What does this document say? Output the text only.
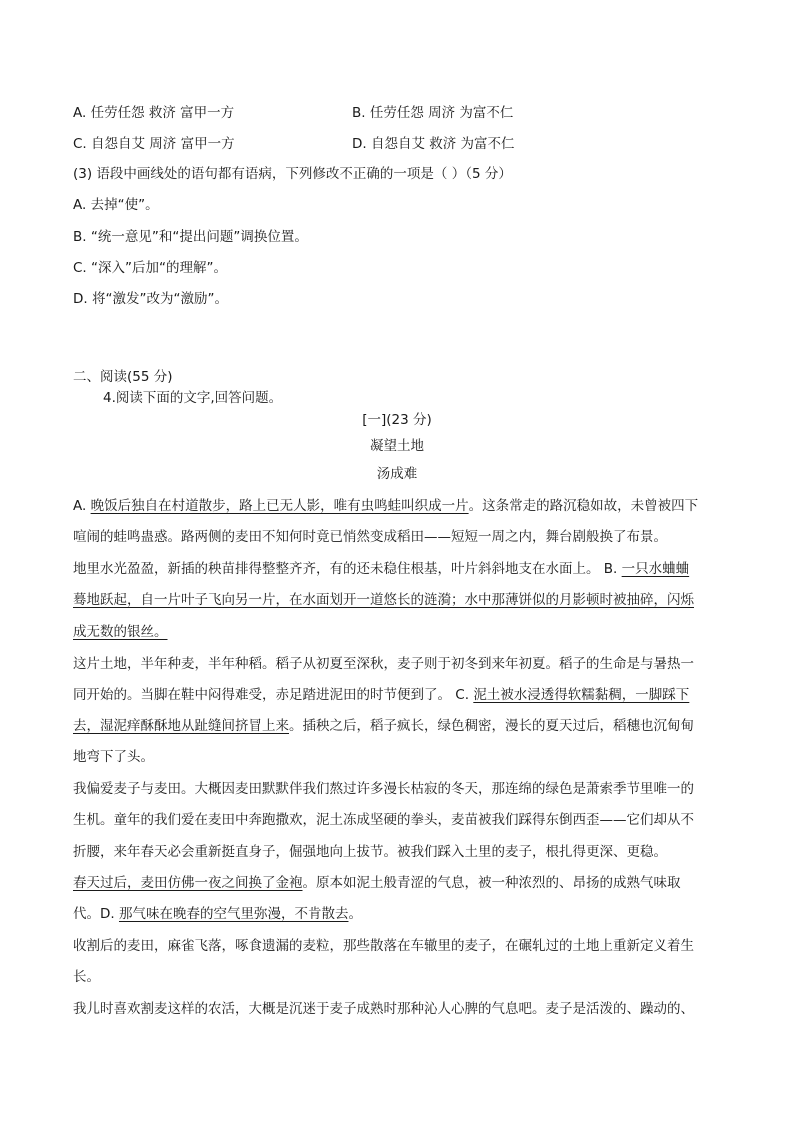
A. 任劳任怨 救济 富甲一方	B. 任劳任怨 周济 为富不仁
C. 自怨自艾 周济 富甲一方	D. 自怨自艾 救济 为富不仁
(3) 语段中画线处的语句都有语病，下列修改不正确的一项是（ ）（5 分）
A. 去掉“使”。
B. “统一意见”和“提出问题”调换位置。
C. “深入”后加“的理解”。
D. 将“激发”改为“激励”。
二、阅读(55 分)
4.阅读下面的文字,回答问题。
[一](23 分)
凝望土地
汤成难
A. 晚饭后独自在村道散步，路上已无人影，唯有虫鸣蛙叫织成一片。这条常走的路沉稳如故，未曾被四下
喧闹的蛙鸣蛊惑。路两侧的麦田不知何时竟已悄然变成稻田——短短一周之内，舞台剧般换了布景。
地里水光盈盈，新插的秧苗排得整整齐齐，有的还未稳住根基，叶片斜斜地支在水面上。 B. 一只水蛐蛐
蓦地跃起，自一片叶子飞向另一片，在水面划开一道悠长的涟漪；水中那薄饼似的月影顿时被抽碎，闪烁
成无数的银丝。
这片土地，半年种麦，半年种稻。稻子从初夏至深秋，麦子则于初冬到来年初夏。稻子的生命是与暑热一
同开始的。当脚在鞋中闷得难受，赤足踏进泥田的时节便到了。 C. 泥土被水浸透得软糯黏稠，一脚踩下
去，湿泥痒酥酥地从趾缝间挤冒上来。插秧之后，稻子疯长，绿色稠密，漫长的夏天过后，稻穗也沉甸甸
地弯下了头。
我偏爱麦子与麦田。大概因麦田默默伴我们熬过许多漫长枯寂的冬天，那连绵的绿色是萧索季节里唯一的
生机。童年的我们爱在麦田中奔跑撒欢，泥土冻成坚硬的拳头，麦苗被我们踩得东倒西歪——它们却从不
折腰，来年春天必会重新挺直身子，倔强地向上拔节。被我们踩入土里的麦子，根扎得更深、更稳。
春天过后，麦田仿佛一夜之间换了金袍。原本如泥土般青涩的气息，被一种浓烈的、昂扬的成熟气味取
代。D. 那气味在晚春的空气里弥漫，不肯散去。
收割后的麦田，麻雀飞落，啄食遗漏的麦粒，那些散落在车辙里的麦子，在碾轧过的土地上重新定义着生
长。
我儿时喜欢割麦这样的农活，大概是沉迷于麦子成熟时那种沁人心脾的气息吧。麦子是活泼的、躁动的、
